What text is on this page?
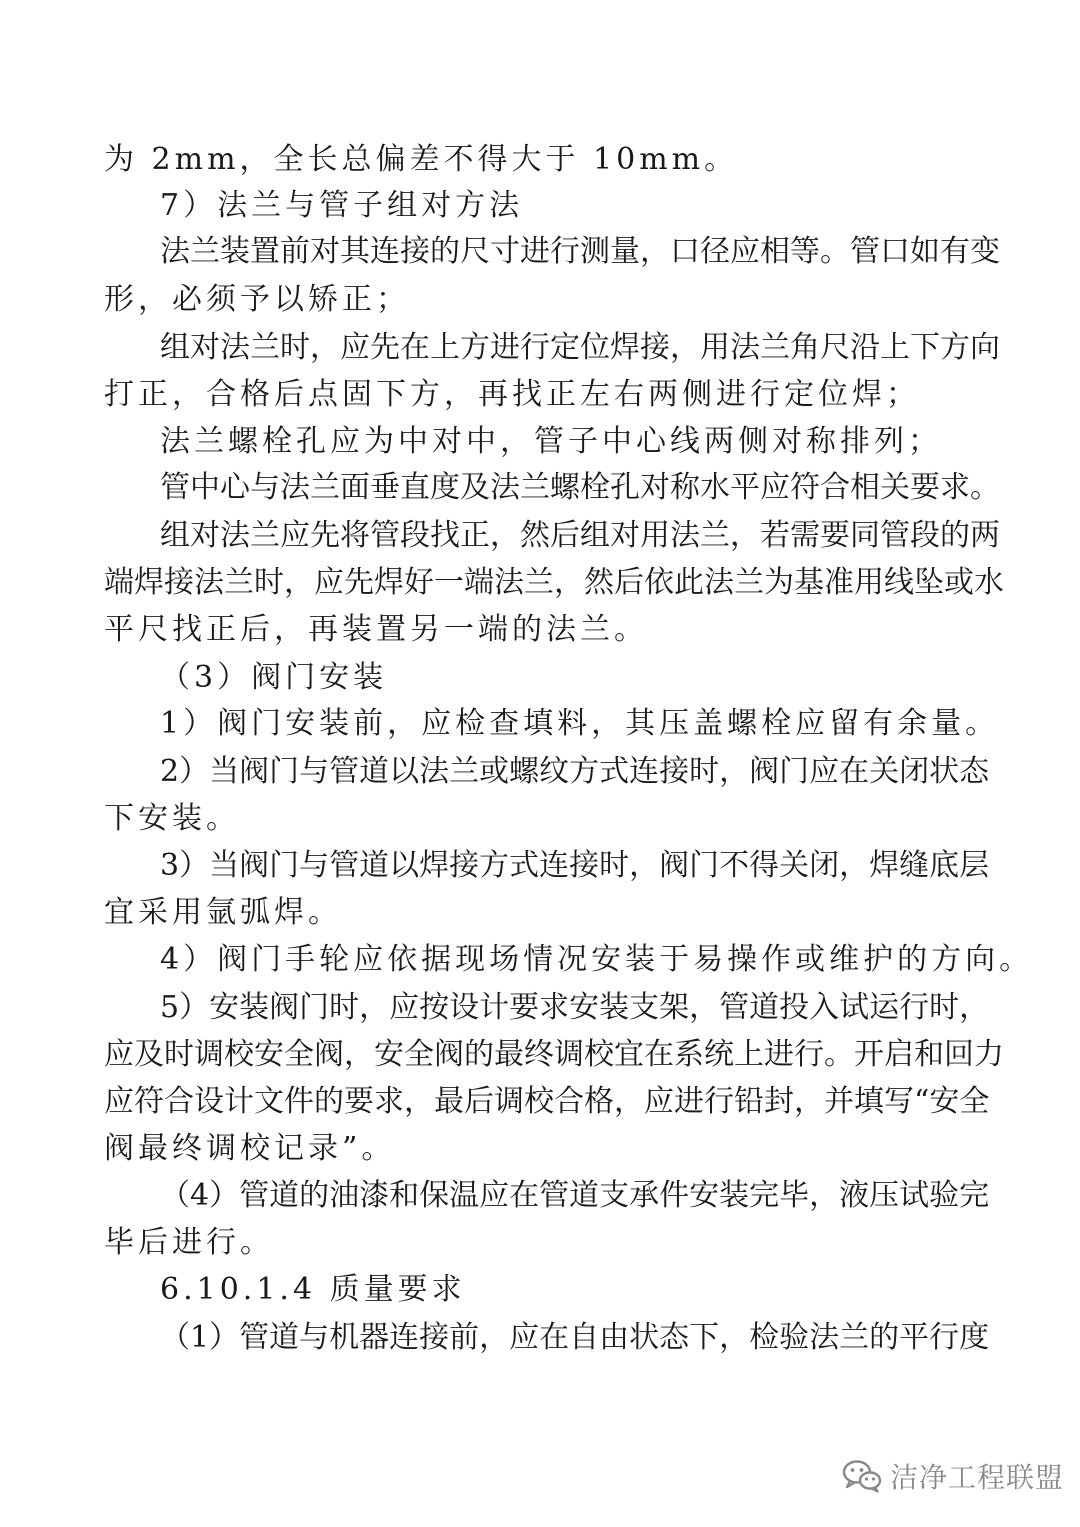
为 2mm，全长总偏差不得大于 10mm。
7）法兰与管子组对方法
法兰装置前对其连接的尺寸进行测量，口径应相等。管口如有变
形，必须予以矫正；
组对法兰时，应先在上方进行定位焊接，用法兰角尺沿上下方向
打正，合格后点固下方，再找正左右两侧进行定位焊；
法兰螺栓孔应为中对中，管子中心线两侧对称排列；
管中心与法兰面垂直度及法兰螺栓孔对称水平应符合相关要求。
组对法兰应先将管段找正，然后组对用法兰，若需要同管段的两
端焊接法兰时，应先焊好一端法兰，然后依此法兰为基准用线坠或水
平尺找正后，再装置另一端的法兰。
（3）阀门安装
1）阀门安装前，应检查填料，其压盖螺栓应留有余量。
2）当阀门与管道以法兰或螺纹方式连接时，阀门应在关闭状态
下安装。
3）当阀门与管道以焊接方式连接时，阀门不得关闭，焊缝底层
宜采用氩弧焊。
4）阀门手轮应依据现场情况安装于易操作或维护的方向。
5）安装阀门时，应按设计要求安装支架，管道投入试运行时，
应及时调校安全阀，安全阀的最终调校宜在系统上进行。开启和回力
应符合设计文件的要求，最后调校合格，应进行铅封，并填写“安全
阀最终调校记录”。
（4）管道的油漆和保温应在管道支承件安装完毕，液压试验完
毕后进行。
6.10.1.4 质量要求
（1）管道与机器连接前，应在自由状态下，检验法兰的平行度
洁净工程联盟
